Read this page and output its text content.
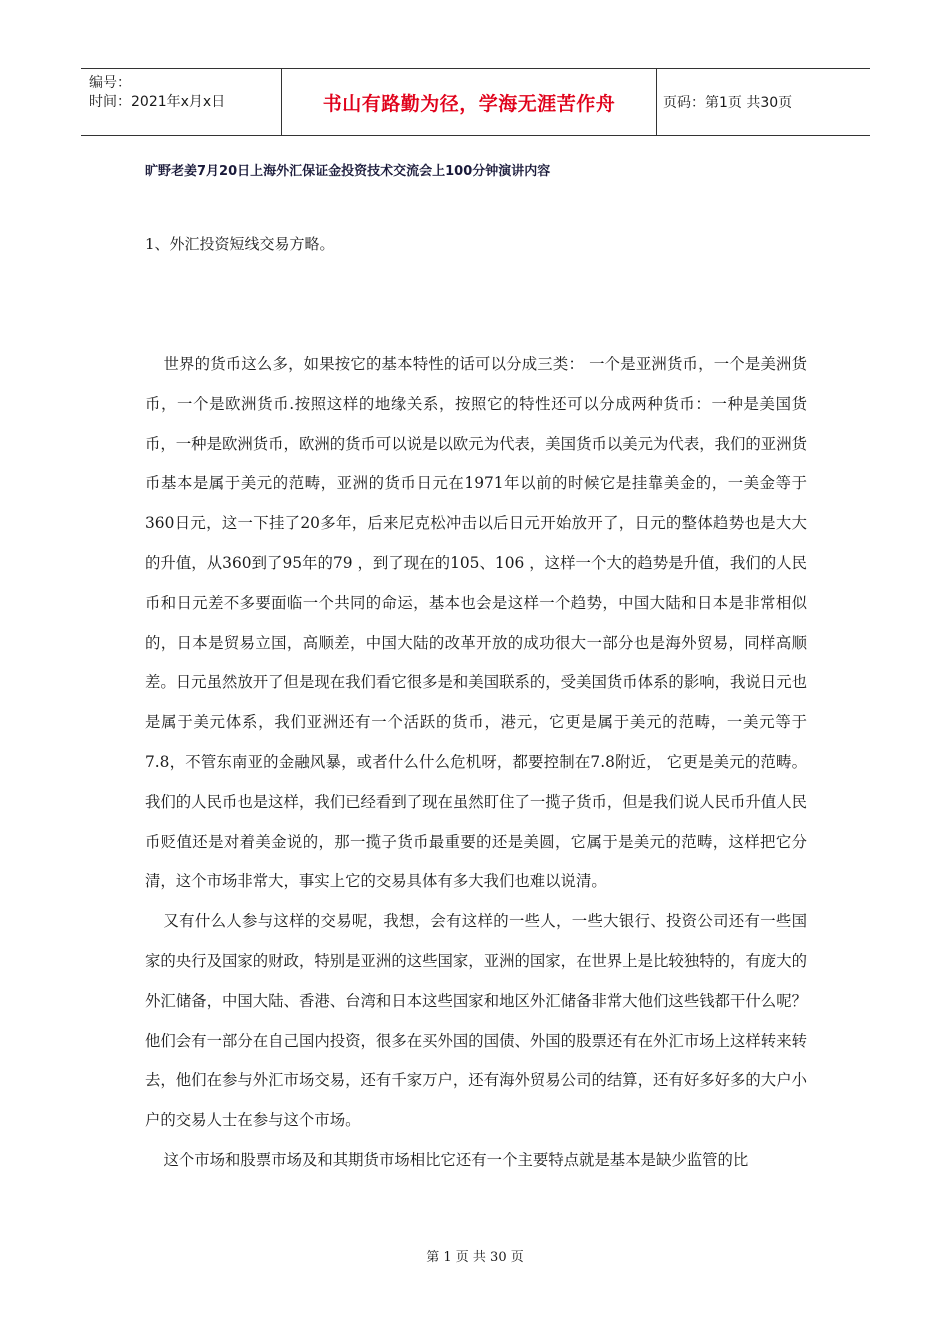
编号：
时间：2021年x月x日	书山有路勤为径，学海无涯苦作舟	页码：第1页 共30页
旷野老姜7月20日上海外汇保证金投资技术交流会上100分钟演讲内容
1、外汇投资短线交易方略。

世界的货币这么多，如果按它的基本特性的话可以分成三类： 一个是亚洲货币，一个是美洲货币，一个是欧洲货币.按照这样的地缘关系，按照它的特性还可以分成两种货币：一种是美国货币，一种是欧洲货币，欧洲的货币可以说是以欧元为代表，美国货币以美元为代表，我们的亚洲货币基本是属于美元的范畴，亚洲的货币日元在1971年以前的时候它是挂靠美金的，一美金等于360日元，这一下挂了20多年，后来尼克松冲击以后日元开始放开了，日元的整体趋势也是大大的升值，从360到了95年的79 ，到了现在的105、106 ，这样一个大的趋势是升值，我们的人民币和日元差不多要面临一个共同的命运，基本也会是这样一个趋势，中国大陆和日本是非常相似的，日本是贸易立国，高顺差，中国大陆的改革开放的成功很大一部分也是海外贸易，同样高顺差。日元虽然放开了但是现在我们看它很多是和美国联系的，受美国货币体系的影响，我说日元也是属于美元体系，我们亚洲还有一个活跃的货币，港元，它更是属于美元的范畴，一美元等于7.8，不管东南亚的金融风暴，或者什么什么危机呀，都要控制在7.8附近， 它更是美元的范畴。我们的人民币也是这样，我们已经看到了现在虽然盯住了一揽子货币，但是我们说人民币升值人民币贬值还是对着美金说的，那一揽子货币最重要的还是美圆，它属于是美元的范畴，这样把它分清，这个市场非常大，事实上它的交易具体有多大我们也难以说清。

又有什么人参与这样的交易呢，我想，会有这样的一些人，一些大银行、投资公司还有一些国家的央行及国家的财政，特别是亚洲的这些国家，亚洲的国家，在世界上是比较独特的，有庞大的外汇储备，中国大陆、香港、台湾和日本这些国家和地区外汇储备非常大他们这些钱都干什么呢？他们会有一部分在自己国内投资，很多在买外国的国债、外国的股票还有在外汇市场上这样转来转去，他们在参与外汇市场交易，还有千家万户，还有海外贸易公司的结算，还有好多好多的大户小户的交易人士在参与这个市场。

这个市场和股票市场及和其期货市场相比它还有一个主要特点就是基本是缺少监管的比

第 1 页 共 30 页
